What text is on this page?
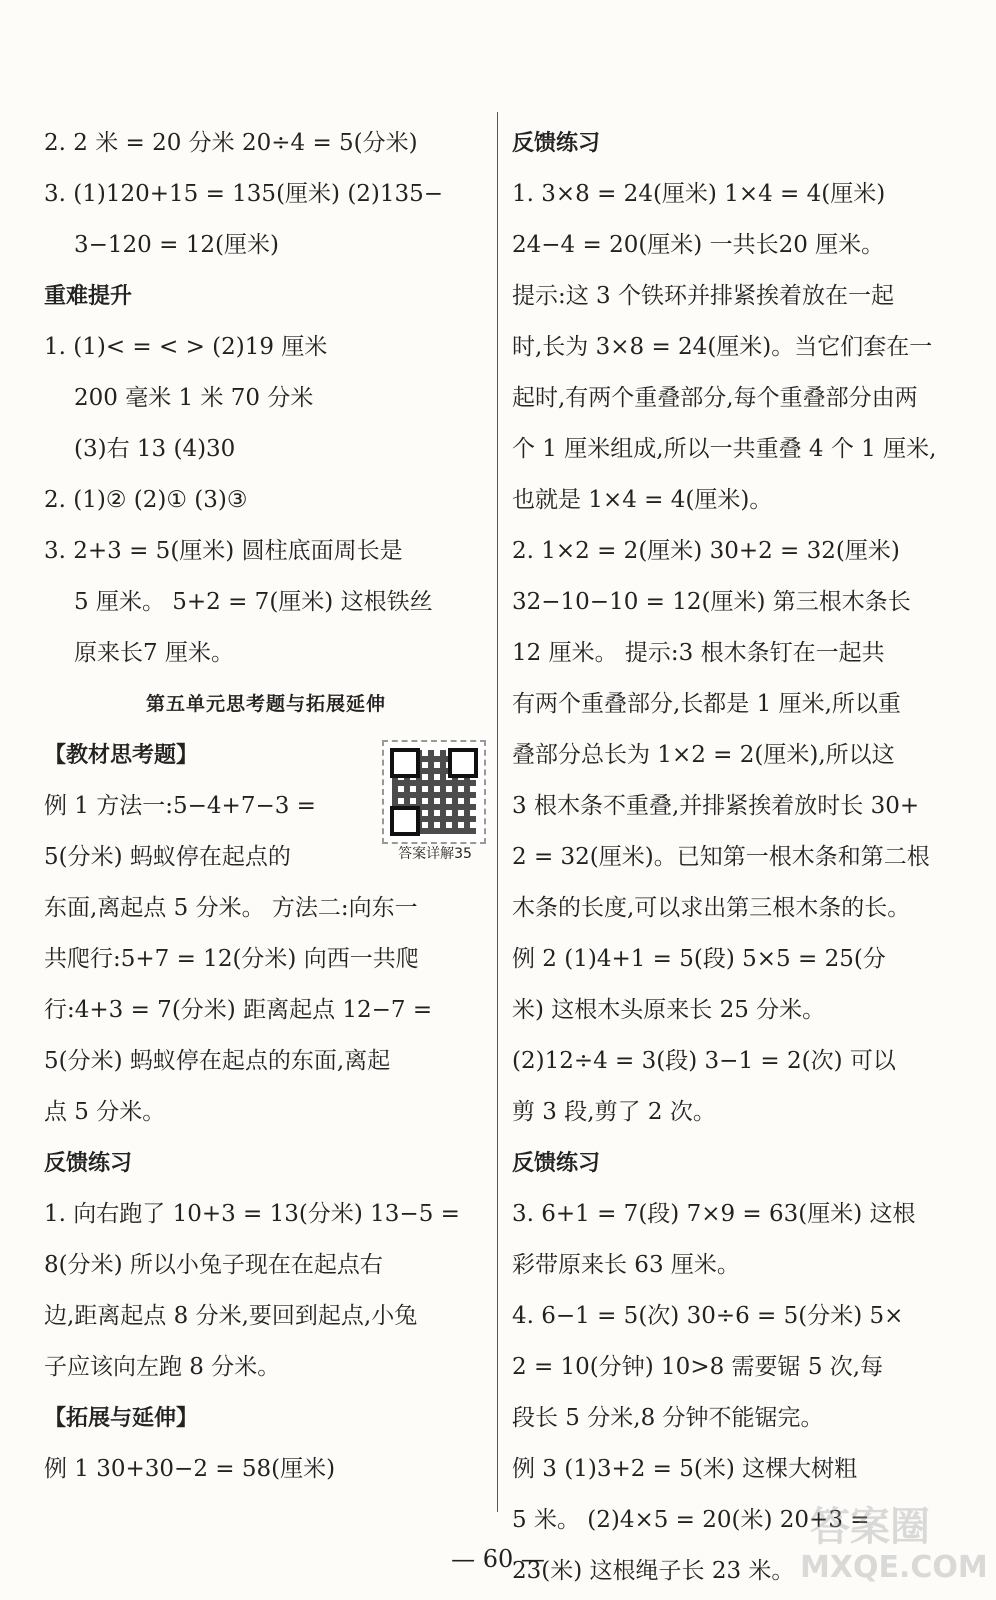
2. 2 米 = 20 分米 20÷4 = 5(分米)
3. (1)120+15 = 135(厘米) (2)135−
3−120 = 12(厘米)
重难提升
1. (1)< = < > (2)19 厘米
200 毫米 1 米 70 分米
(3)右 13 (4)30
2. (1)② (2)① (3)③
3. 2+3 = 5(厘米) 圆柱底面周长是
5 厘米。 5+2 = 7(厘米) 这根铁丝
原来长7 厘米。
第五单元思考题与拓展延伸
【教材思考题】
例 1 方法一:5−4+7−3 =
5(分米) 蚂蚁停在起点的
东面,离起点 5 分米。 方法二:向东一
共爬行:5+7 = 12(分米) 向西一共爬
行:4+3 = 7(分米) 距离起点 12−7 =
5(分米) 蚂蚁停在起点的东面,离起
点 5 分米。
反馈练习
1. 向右跑了 10+3 = 13(分米) 13−5 =
8(分米) 所以小兔子现在在起点右
边,距离起点 8 分米,要回到起点,小兔
子应该向左跑 8 分米。
【拓展与延伸】
例 1 30+30−2 = 58(厘米)
反馈练习
1. 3×8 = 24(厘米) 1×4 = 4(厘米)
24−4 = 20(厘米) 一共长20 厘米。
提示:这 3 个铁环并排紧挨着放在一起
时,长为 3×8 = 24(厘米)。当它们套在一
起时,有两个重叠部分,每个重叠部分由两
个 1 厘米组成,所以一共重叠 4 个 1 厘米,
也就是 1×4 = 4(厘米)。
2. 1×2 = 2(厘米) 30+2 = 32(厘米)
32−10−10 = 12(厘米) 第三根木条长
12 厘米。 提示:3 根木条钉在一起共
有两个重叠部分,长都是 1 厘米,所以重
叠部分总长为 1×2 = 2(厘米),所以这
3 根木条不重叠,并排紧挨着放时长 30+
2 = 32(厘米)。已知第一根木条和第二根
木条的长度,可以求出第三根木条的长。
例 2 (1)4+1 = 5(段) 5×5 = 25(分
米) 这根木头原来长 25 分米。
(2)12÷4 = 3(段) 3−1 = 2(次) 可以
剪 3 段,剪了 2 次。
反馈练习
3. 6+1 = 7(段) 7×9 = 63(厘米) 这根
彩带原来长 63 厘米。
4. 6−1 = 5(次) 30÷6 = 5(分米) 5×
2 = 10(分钟) 10>8 需要锯 5 次,每
段长 5 分米,8 分钟不能锯完。
例 3 (1)3+2 = 5(米) 这棵大树粗
5 米。 (2)4×5 = 20(米) 20+3 =
23(米) 这根绳子长 23 米。
答案详解35
— 60 —
答案圈
MXQE.COM
